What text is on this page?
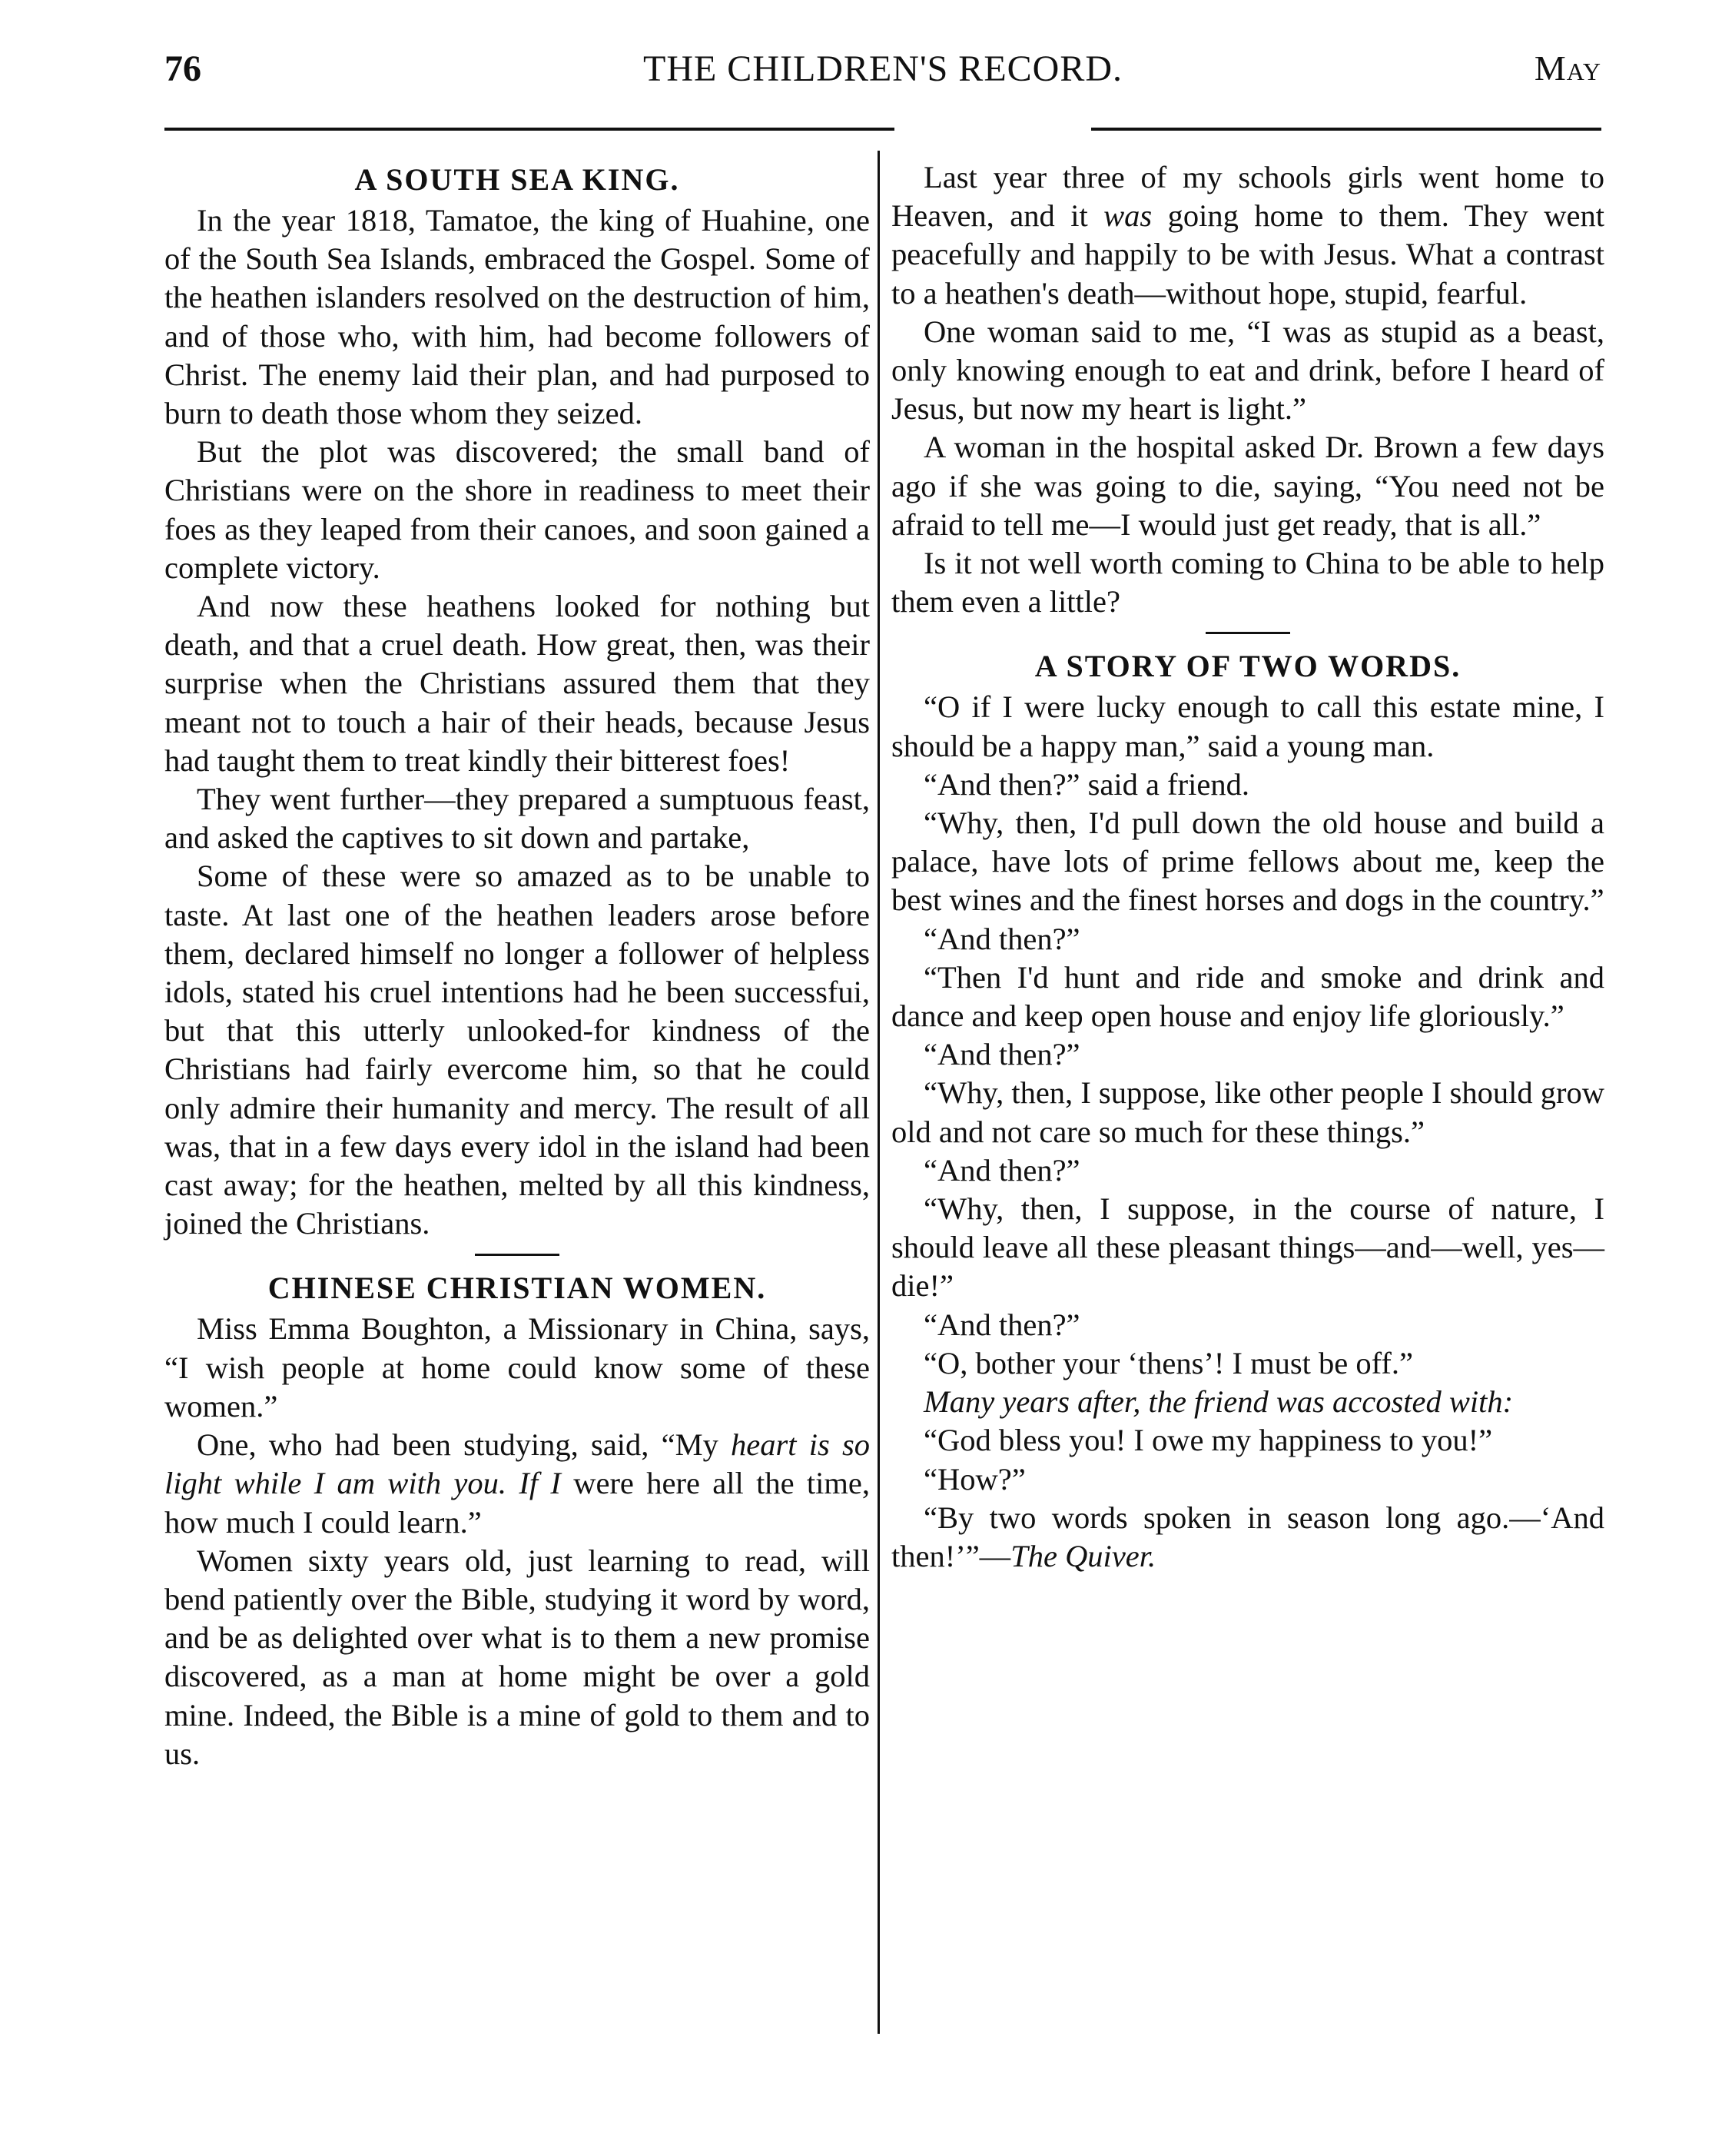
76	THE CHILDREN'S RECORD.	May
A SOUTH SEA KING.

In the year 1818, Tamatoe, the king of Huahine, one of the South Sea Islands, embraced the Gospel. Some of the heathen islanders resolved on the destruction of him, and of those who, with him, had become followers of Christ. The enemy laid their plan, and had purposed to burn to death those whom they seized.

But the plot was discovered; the small band of Christians were on the shore in readiness to meet their foes as they leaped from their canoes, and soon gained a complete victory.

And now these heathens looked for nothing but death, and that a cruel death. How great, then, was their surprise when the Christians assured them that they meant not to touch a hair of their heads, because Jesus had taught them to treat kindly their bitterest foes!

They went further—they prepared a sumptuous feast, and asked the captives to sit down and partake,

Some of these were so amazed as to be unable to taste. At last one of the heathen leaders arose before them, declared himself no longer a follower of helpless idols, stated his cruel intentions had he been successfui, but that this utterly unlooked-for kindness of the Christians had fairly evercome him, so that he could only admire their humanity and mercy. The result of all was, that in a few days every idol in the island had been cast away; for the heathen, melted by all this kindness, joined the Christians.

CHINESE CHRISTIAN WOMEN.

Miss Emma Boughton, a Missionary in China, says, “I wish people at home could know some of these women.”

One, who had been studying, said, “My heart is so light while I am with you. If I were here all the time, how much I could learn.”

Women sixty years old, just learning to read, will bend patiently over the Bible, studying it word by word, and be as delighted over what is to them a new promise discovered, as a man at home might be over a gold mine. Indeed, the Bible is a mine of gold to them and to us.

Last year three of my schools girls went home to Heaven, and it was going home to them. They went peacefully and happily to be with Jesus. What a contrast to a heathen's death—without hope, stupid, fearful.

One woman said to me, “I was as stupid as a beast, only knowing enough to eat and drink, before I heard of Jesus, but now my heart is light.”

A woman in the hospital asked Dr. Brown a few days ago if she was going to die, saying, “You need not be afraid to tell me—I would just get ready, that is all.”

Is it not well worth coming to China to be able to help them even a little?

A STORY OF TWO WORDS.

“O if I were lucky enough to call this estate mine, I should be a happy man,” said a young man.

“And then?” said a friend.

“Why, then, I'd pull down the old house and build a palace, have lots of prime fellows about me, keep the best wines and the finest horses and dogs in the country.”

“And then?”

“Then I'd hunt and ride and smoke and drink and dance and keep open house and enjoy life gloriously.”

“And then?”

“Why, then, I suppose, like other people I should grow old and not care so much for these things.”

“And then?”

“Why, then, I suppose, in the course of nature, I should leave all these pleasant things—and—well, yes—die!”

“And then?”

“O, bother your ‘thens’! I must be off.”

Many years after, the friend was accosted with:

“God bless you! I owe my happiness to you!”

“How?”

“By two words spoken in season long ago.—‘And then!’”—The Quiver.
